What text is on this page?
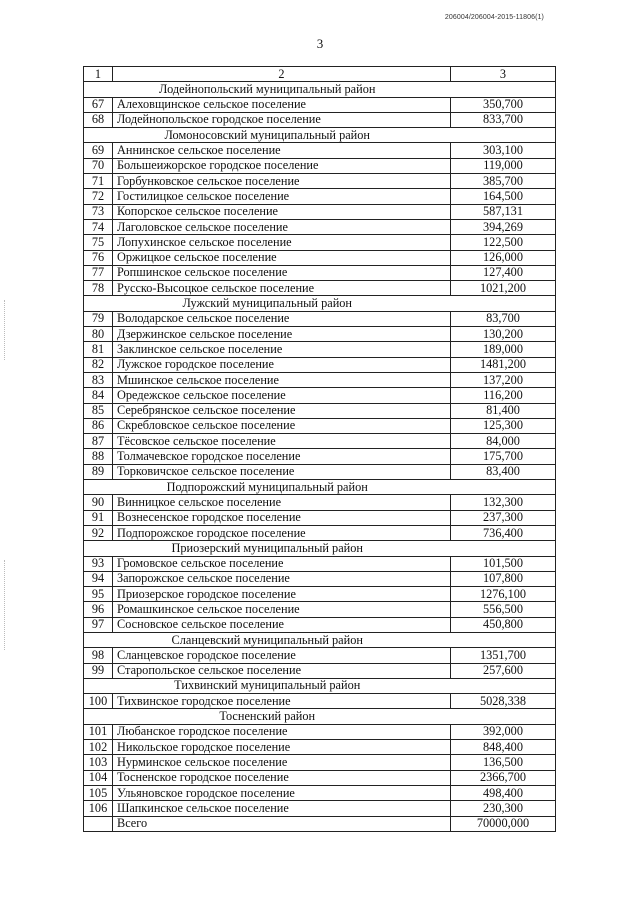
206004/206004-2015-11806(1)
3
1	2	3
Лодейнопольский муниципальный район		
67	Алеховщинское сельское поселение	350,700
68	Лодейнопольское городское поселение	833,700
Ломоносовский муниципальный район		
69	Аннинское сельское поселение	303,100
70	Большеижорское городское поселение	119,000
71	Горбунковское сельское поселение	385,700
72	Гостилицкое сельское поселение	164,500
73	Копорское сельское поселение	587,131
74	Лаголовское сельское поселение	394,269
75	Лопухинское сельское поселение	122,500
76	Оржицкое сельское поселение	126,000
77	Ропшинское сельское поселение	127,400
78	Русско-Высоцкое сельское поселение	1021,200
Лужский муниципальный район		
79	Володарское сельское поселение	83,700
80	Дзержинское сельское поселение	130,200
81	Заклинское сельское поселение	189,000
82	Лужское городское поселение	1481,200
83	Мшинское сельское поселение	137,200
84	Оредежское сельское поселение	116,200
85	Серебрянское сельское поселение	81,400
86	Скребловское сельское поселение	125,300
87	Тёсовское сельское поселение	84,000
88	Толмачевское городское поселение	175,700
89	Торковичское сельское поселение	83,400
Подпорожский муниципальный район		
90	Винницкое сельское поселение	132,300
91	Вознесенское городское поселение	237,300
92	Подпорожское городское поселение	736,400
Приозерский муниципальный район		
93	Громовское сельское поселение	101,500
94	Запорожское сельское поселение	107,800
95	Приозерское городское поселение	1276,100
96	Ромашкинское сельское поселение	556,500
97	Сосновское сельское поселение	450,800
Сланцевский муниципальный район		
98	Сланцевское городское поселение	1351,700
99	Старопольское сельское поселение	257,600
Тихвинский муниципальный район		
100	Тихвинское городское поселение	5028,338
Тосненский район		
101	Любанское городское поселение	392,000
102	Никольское городское поселение	848,400
103	Нурминское сельское поселение	136,500
104	Тосненское городское поселение	2366,700
105	Ульяновское городское поселение	498,400
106	Шапкинское сельское поселение	230,300
	Всего	70000,000
